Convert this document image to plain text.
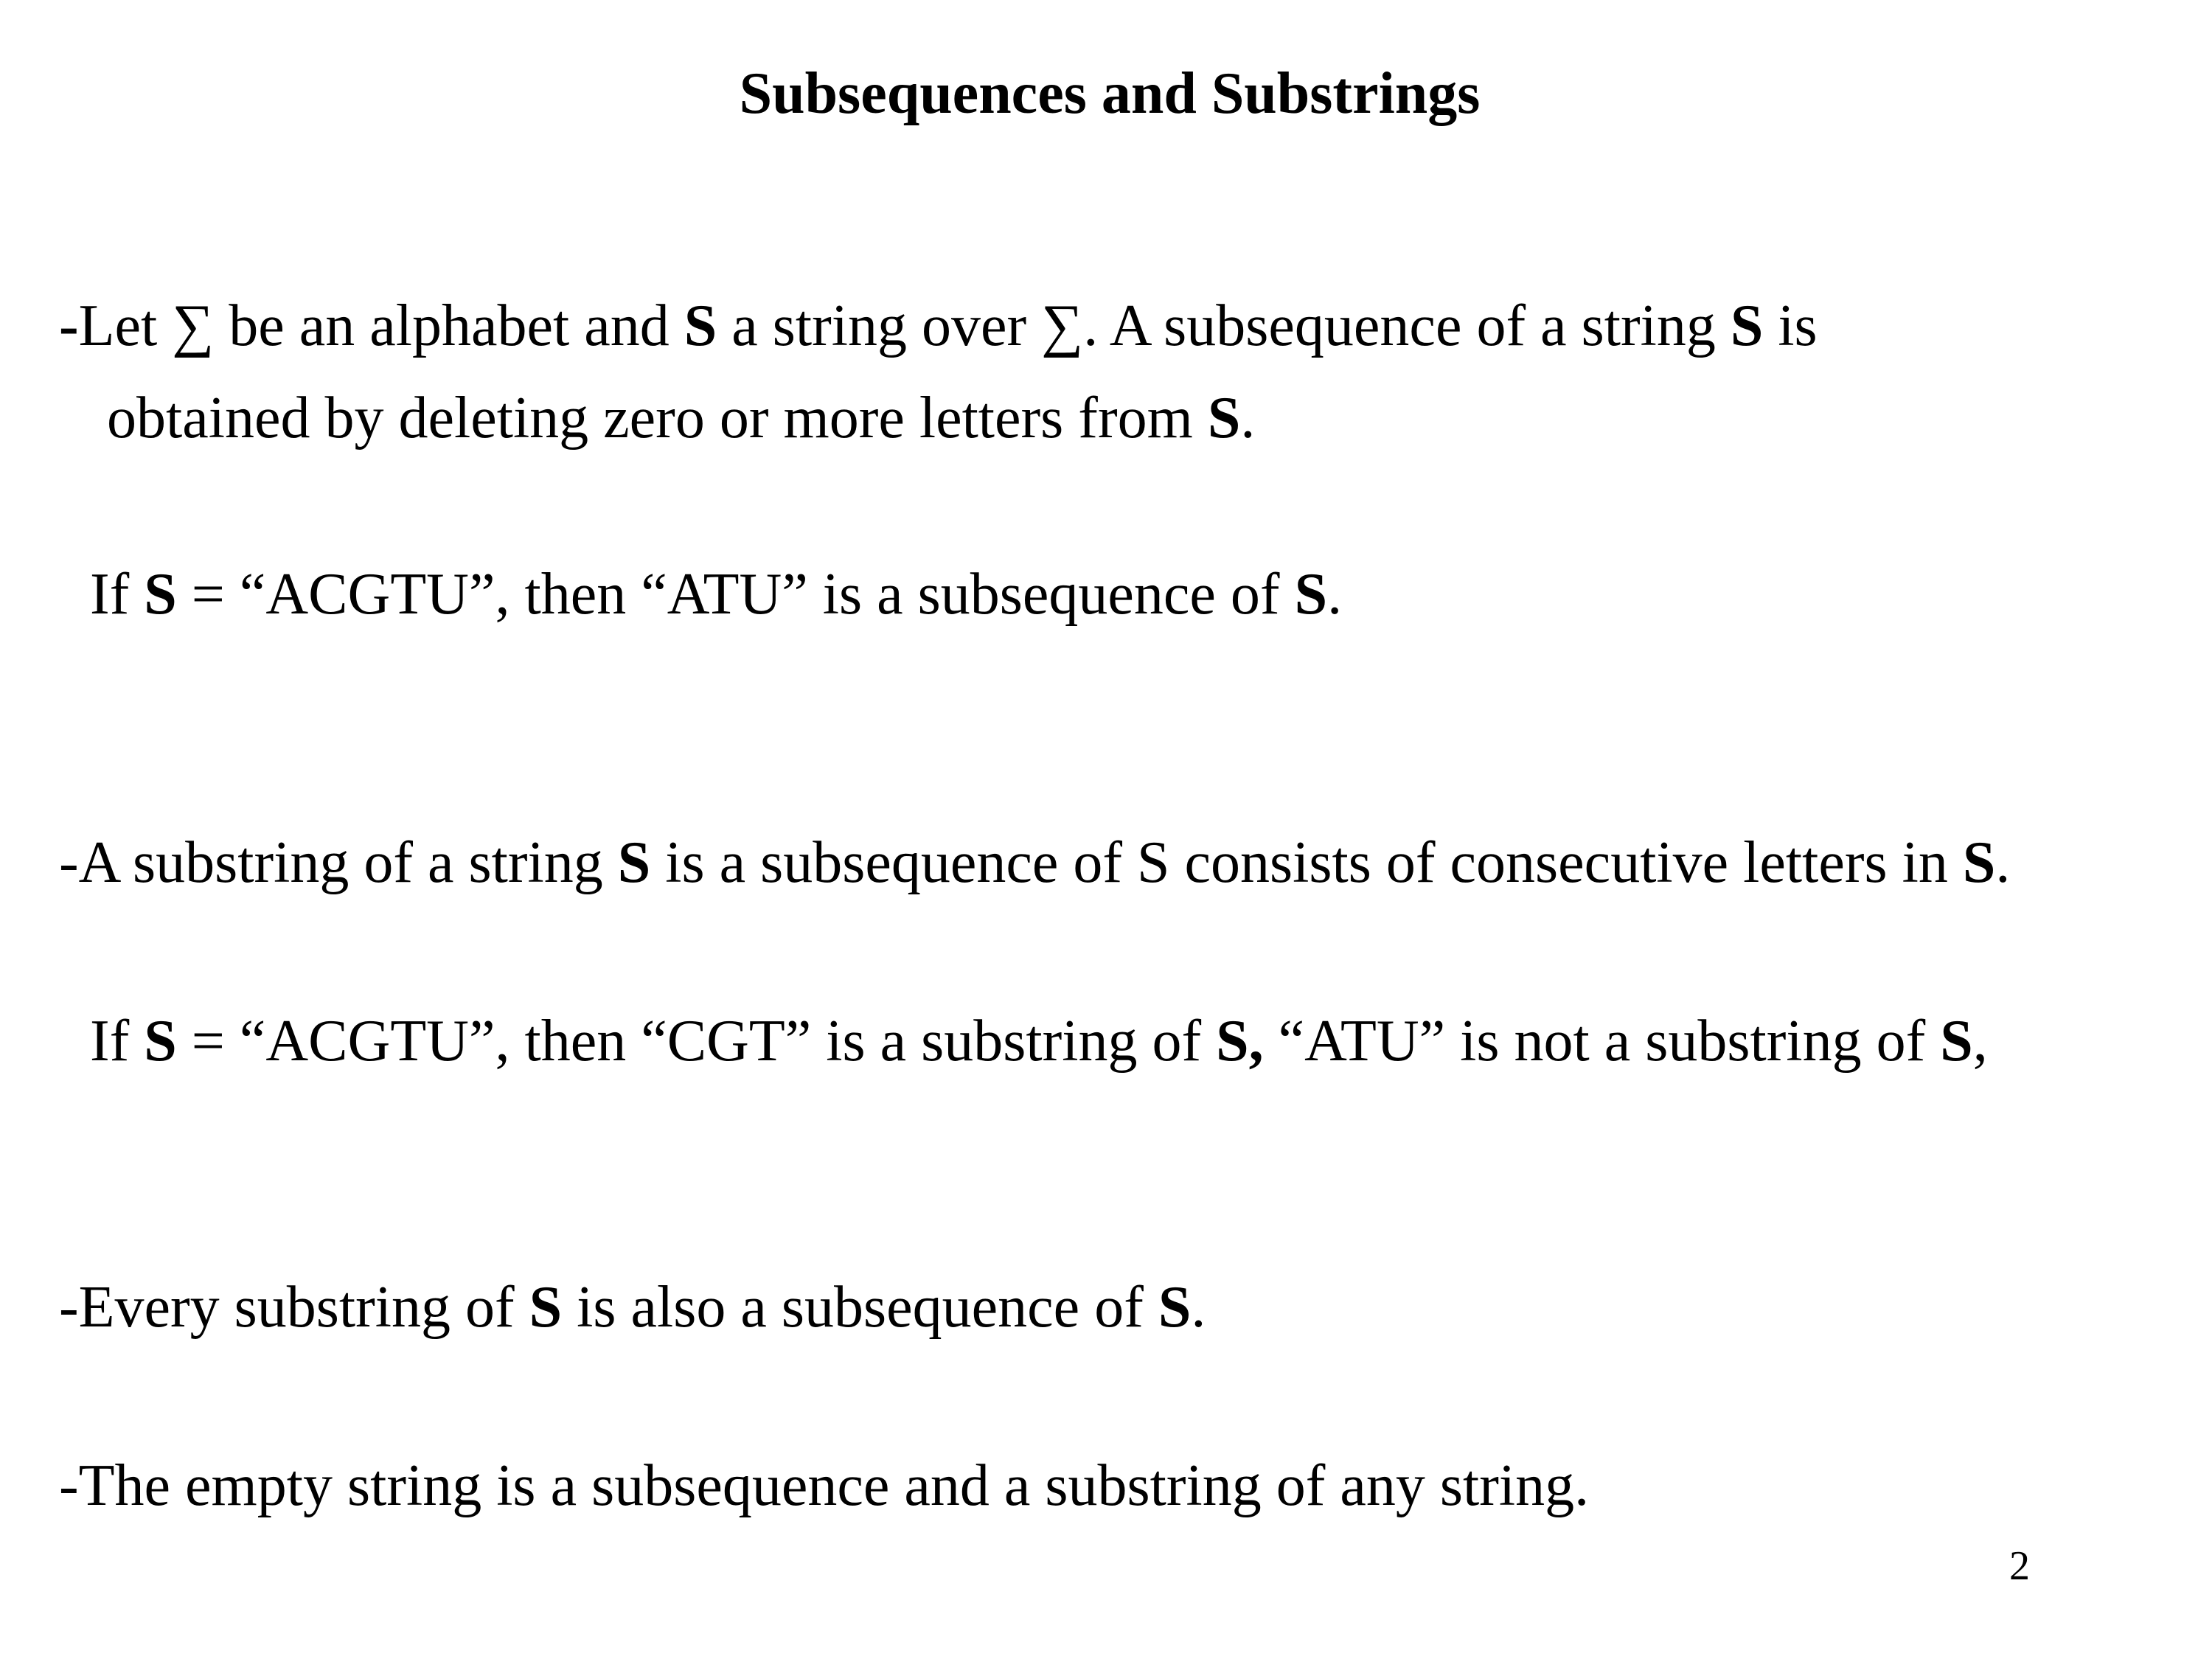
Subsequences and Substrings
-Let ∑ be an alphabet and S a string over ∑. A subsequence of a string S is
obtained by deleting zero or more letters from S.
If S = “ACGTU”, then “ATU” is a subsequence of S.
-A substring of a string S is a subsequence of S consists of consecutive letters in S.
If S = “ACGTU”, then “CGT” is a substring of S, “ATU” is not a substring of S,
-Every substring of S is also a subsequence of S.
-The empty string is a subsequence and a substring of any string.
2
